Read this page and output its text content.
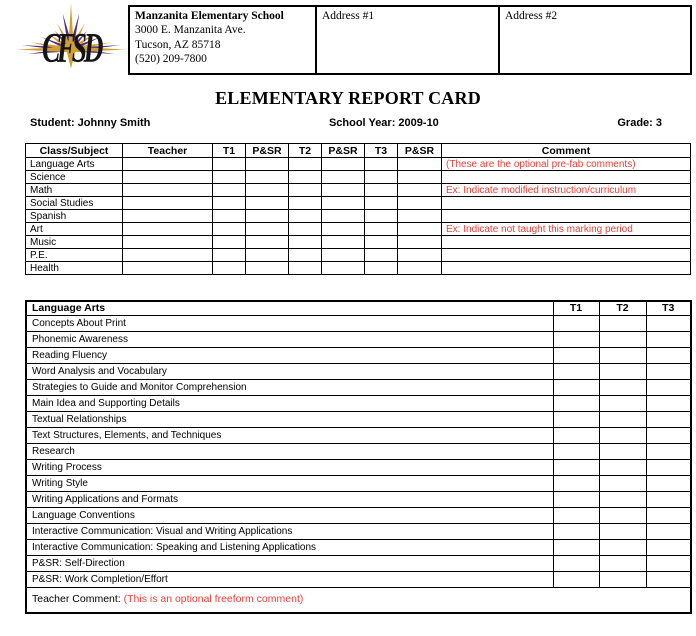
CFSD
Manzanita Elementary School
3000 E. Manzanita Ave.
Tucson, AZ 85718
(520) 209-7800
	Address #1	Address #2
ELEMENTARY REPORT CARD
Student: Johnny Smith	School Year: 2009-10	Grade: 3
Class/Subject	Teacher	T1	P&SR	T2	P&SR	T3	P&SR	Comment
Language Arts								(These are the optional pre-fab comments)
Science								
Math								Ex: Indicate modified instruction/curriculum
Social Studies								
Spanish								
Art								Ex: Indicate not taught this marking period
Music								
P.E.								
Health								
Language Arts	T1	T2	T3
Concepts About Print			
Phonemic Awareness			
Reading Fluency			
Word Analysis and Vocabulary			
Strategies to Guide and Monitor Comprehension			
Main Idea and Supporting Details			
Textual Relationships			
Text Structures, Elements, and Techniques			
Research			
Writing Process			
Writing Style			
Writing Applications and Formats			
Language Conventions			
Interactive Communication: Visual and Writing Applications			
Interactive Communication: Speaking and Listening Applications			
P&SR: Self-Direction			
P&SR: Work Completion/Effort			
Teacher Comment: (This is an optional freeform comment)			
